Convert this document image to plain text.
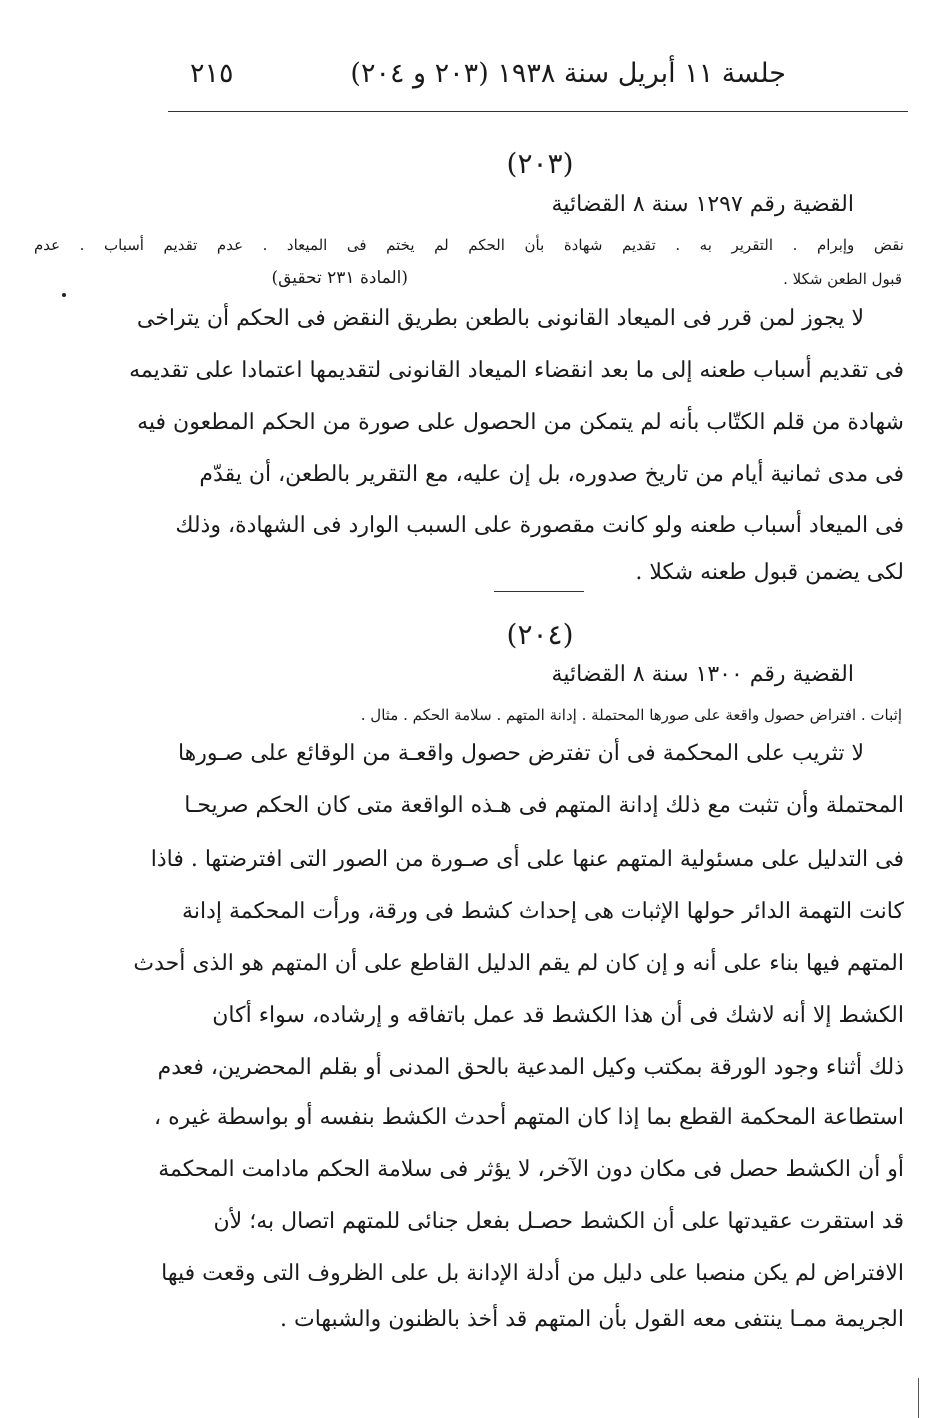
جلسة ١١ أبريل سنة ١٩٣٨ (٢٠٣ و ٢٠٤)
٢١٥
(٢٠٣)
القضية رقم ١٢٩٧ سنة ٨ القضائية
نقض وإبرام . التقرير به . تقديم شهادة بأن الحكم لم يختم فى الميعاد . عدم تقديم أسباب . عدم
قبول الطعن شكلا .
(المادة ٢٣١ تحقيق)
لا يجوز لمن قرر فى الميعاد القانونى بالطعن بطريق النقض فى الحكم أن يتراخى
فى تقديم أسباب طعنه إلى ما بعد انقضاء الميعاد القانونى لتقديمها اعتمادا على تقديمه
شهادة من قلم الكتّاب بأنه لم يتمكن من الحصول على صورة من الحكم المطعون فيه
فى مدى ثمانية أيام من تاريخ صدوره، بل إن عليه، مع التقرير بالطعن، أن يقدّم
فى الميعاد أسباب طعنه ولو كانت مقصورة على السبب الوارد فى الشهادة، وذلك
لكى يضمن قبول طعنه شكلا .
(٢٠٤)
القضية رقم ١٣٠٠ سنة ٨ القضائية
إثبات . افتراض حصول واقعة على صورها المحتملة . إدانة المتهم . سلامة الحكم . مثال .
لا تثريب على المحكمة فى أن تفترض حصول واقعـة من الوقائع على صـورها
المحتملة وأن تثبت مع ذلك إدانة المتهم فى هـذه الواقعة متى كان الحكم صريحـا
فى التدليل على مسئولية المتهم عنها على أى صـورة من الصور التى افترضتها . فاذا
كانت التهمة الدائر حولها الإثبات هى إحداث كشط فى ورقة، ورأت المحكمة إدانة
المتهم فيها بناء على أنه و إن كان لم يقم الدليل القاطع على أن المتهم هو الذى أحدث
الكشط إلا أنه لاشك فى أن هذا الكشط قد عمل باتفاقه و إرشاده، سواء أكان
ذلك أثناء وجود الورقة بمكتب وكيل المدعية بالحق المدنى أو بقلم المحضرين، فعدم
استطاعة المحكمة القطع بما إذا كان المتهم أحدث الكشط بنفسه أو بواسطة غيره ،
أو أن الكشط حصل فى مكان دون الآخر، لا يؤثر فى سلامة الحكم مادامت المحكمة
قد استقرت عقيدتها على أن الكشط حصـل بفعل جنائى للمتهم اتصال به؛ لأن
الافتراض لم يكن منصبا على دليل من أدلة الإدانة بل على الظروف التى وقعت فيها
الجريمة ممـا ينتفى معه القول بأن المتهم قد أخذ بالظنون والشبهات .
